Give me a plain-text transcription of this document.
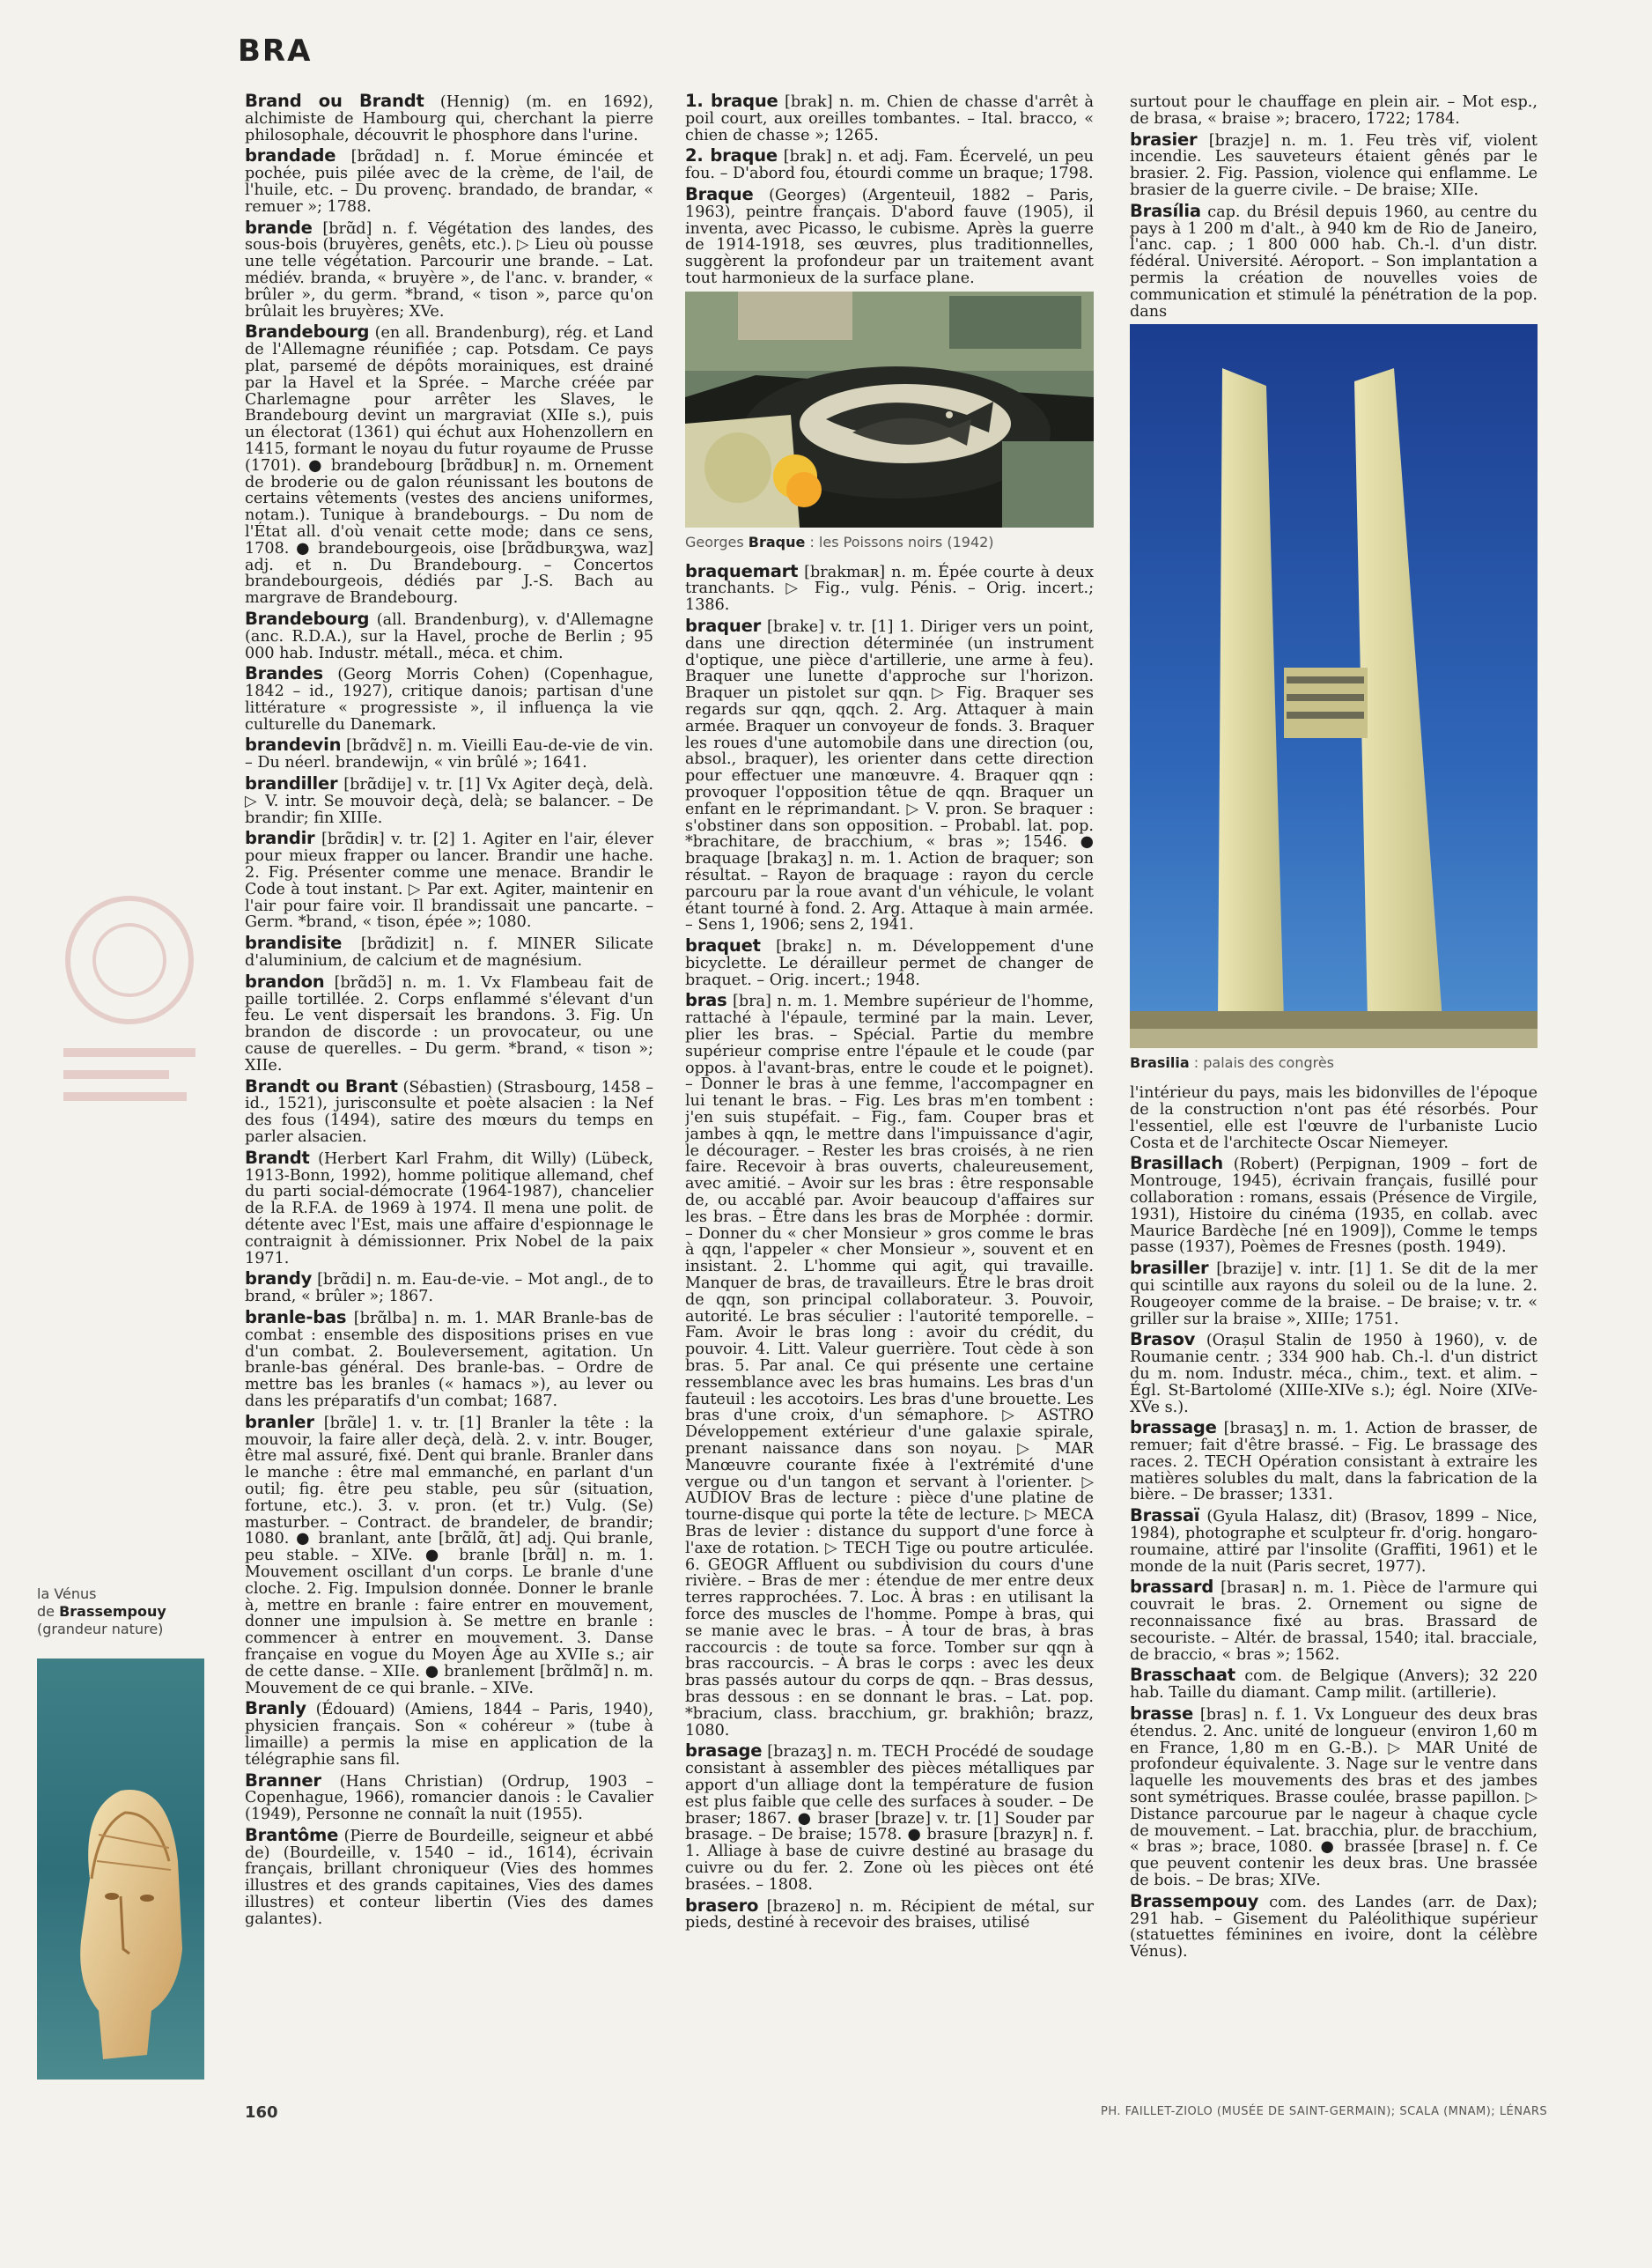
BRA
Brand ou Brandt (Hennig) (m. en 1692), alchimiste de Hambourg qui, cherchant la pierre philosophale, découvrit le phosphore dans l'urine.
brandade [brɑ̃dad] n. f. Morue émincée et pochée, puis pilée avec de la crème, de l'ail, de l'huile, etc. – Du provenç. brandado, de brandar, « remuer »; 1788.
brande [brɑ̃d] n. f. Végétation des landes, des sous-bois (bruyères, genêts, etc.). ▷ Lieu où pousse une telle végétation. Parcourir une brande. – Lat. médiév. branda, « bruyère », de l'anc. v. brander, « brûler », du germ. *brand, « tison », parce qu'on brûlait les bruyères; XVe.
Brandebourg (en all. Brandenburg), rég. et Land de l'Allemagne réunifiée ; cap. Potsdam. Ce pays plat, parsemé de dépôts morainiques, est drainé par la Havel et la Sprée. – Marche créée par Charlemagne pour arrêter les Slaves, le Brandebourg devint un margraviat (XIIe s.), puis un électorat (1361) qui échut aux Hohenzollern en 1415, formant le noyau du futur royaume de Prusse (1701). ● brandebourg [brɑ̃dbuʀ] n. m. Ornement de broderie ou de galon réunissant les boutons de certains vêtements (vestes des anciens uniformes, notam.). Tunique à brandebourgs. – Du nom de l'État all. d'où venait cette mode; dans ce sens, 1708. ● brandebourgeois, oise [brɑ̃dbuʀʒwa, waz] adj. et n. Du Brandebourg. – Concertos brandebourgeois, dédiés par J.-S. Bach au margrave de Brandebourg.
Brandebourg (all. Brandenburg), v. d'Allemagne (anc. R.D.A.), sur la Havel, proche de Berlin ; 95 000 hab. Industr. métall., méca. et chim.
Brandes (Georg Morris Cohen) (Copenhague, 1842 – id., 1927), critique danois; partisan d'une littérature « progressiste », il influença la vie culturelle du Danemark.
brandevin [brɑ̃dvɛ̃] n. m. Vieilli Eau-de-vie de vin. – Du néerl. brandewijn, « vin brûlé »; 1641.
brandiller [brɑ̃dije] v. tr. [1] Vx Agiter deçà, delà. ▷ V. intr. Se mouvoir deçà, delà; se balancer. – De brandir; fin XIIIe.
brandir [brɑ̃diʀ] v. tr. [2] 1. Agiter en l'air, élever pour mieux frapper ou lancer. Brandir une hache. 2. Fig. Présenter comme une menace. Brandir le Code à tout instant. ▷ Par ext. Agiter, maintenir en l'air pour faire voir. Il brandissait une pancarte. – Germ. *brand, « tison, épée »; 1080.
brandisite [brɑ̃dizit] n. f. MINER Silicate d'aluminium, de calcium et de magnésium.
brandon [brɑ̃dɔ̃] n. m. 1. Vx Flambeau fait de paille tortillée. 2. Corps enflammé s'élevant d'un feu. Le vent dispersait les brandons. 3. Fig. Un brandon de discorde : un provocateur, ou une cause de querelles. – Du germ. *brand, « tison »; XIIe.
Brandt ou Brant (Sébastien) (Strasbourg, 1458 – id., 1521), jurisconsulte et poète alsacien : la Nef des fous (1494), satire des mœurs du temps en parler alsacien.
Brandt (Herbert Karl Frahm, dit Willy) (Lübeck, 1913-Bonn, 1992), homme politique allemand, chef du parti social-démocrate (1964-1987), chancelier de la R.F.A. de 1969 à 1974. Il mena une polit. de détente avec l'Est, mais une affaire d'espionnage le contraignit à démissionner. Prix Nobel de la paix 1971.
brandy [brɑ̃di] n. m. Eau-de-vie. – Mot angl., de to brand, « brûler »; 1867.
branle-bas [brɑ̃lba] n. m. 1. MAR Branle-bas de combat : ensemble des dispositions prises en vue d'un combat. 2. Bouleversement, agitation. Un branle-bas général. Des branle-bas. – Ordre de mettre bas les branles (« hamacs »), au lever ou dans les préparatifs d'un combat; 1687.
branler [brɑ̃le] 1. v. tr. [1] Branler la tête : la mouvoir, la faire aller deçà, delà. 2. v. intr. Bouger, être mal assuré, fixé. Dent qui branle. Branler dans le manche : être mal emmanché, en parlant d'un outil; fig. être peu stable, peu sûr (situation, fortune, etc.). 3. v. pron. (et tr.) Vulg. (Se) masturber. – Contract. de brandeler, de brandir; 1080. ● branlant, ante [brɑ̃lɑ̃, ɑ̃t] adj. Qui branle, peu stable. – XIVe. ● branle [brɑ̃l] n. m. 1. Mouvement oscillant d'un corps. Le branle d'une cloche. 2. Fig. Impulsion donnée. Donner le branle à, mettre en branle : faire entrer en mouvement, donner une impulsion à. Se mettre en branle : commencer à entrer en mouvement. 3. Danse française en vogue du Moyen Âge au XVIIe s.; air de cette danse. – XIIe. ● branlement [brɑ̃lmɑ̃] n. m. Mouvement de ce qui branle. – XIVe.
Branly (Édouard) (Amiens, 1844 – Paris, 1940), physicien français. Son « cohéreur » (tube à limaille) a permis la mise en application de la télégraphie sans fil.
Branner (Hans Christian) (Ordrup, 1903 – Copenhague, 1966), romancier danois : le Cavalier (1949), Personne ne connaît la nuit (1955).
Brantôme (Pierre de Bourdeille, seigneur et abbé de) (Bourdeille, v. 1540 – id., 1614), écrivain français, brillant chroniqueur (Vies des hommes illustres et des grands capitaines, Vies des dames illustres) et conteur libertin (Vies des dames galantes).
1. braque [brak] n. m. Chien de chasse d'arrêt à poil court, aux oreilles tombantes. – Ital. bracco, « chien de chasse »; 1265.
2. braque [brak] n. et adj. Fam. Écervelé, un peu fou. – D'abord fou, étourdi comme un braque; 1798.
Braque (Georges) (Argenteuil, 1882 – Paris, 1963), peintre français. D'abord fauve (1905), il inventa, avec Picasso, le cubisme. Après la guerre de 1914-1918, ses œuvres, plus traditionnelles, suggèrent la profondeur par un traitement avant tout harmonieux de la surface plane.
Georges Braque : les Poissons noirs (1942)
braquemart [brakmaʀ] n. m. Épée courte à deux tranchants. ▷ Fig., vulg. Pénis. – Orig. incert.; 1386.
braquer [brake] v. tr. [1] 1. Diriger vers un point, dans une direction déterminée (un instrument d'optique, une pièce d'artillerie, une arme à feu). Braquer une lunette d'approche sur l'horizon. Braquer un pistolet sur qqn. ▷ Fig. Braquer ses regards sur qqn, qqch. 2. Arg. Attaquer à main armée. Braquer un convoyeur de fonds. 3. Braquer les roues d'une automobile dans une direction (ou, absol., braquer), les orienter dans cette direction pour effectuer une manœuvre. 4. Braquer qqn : provoquer l'opposition têtue de qqn. Braquer un enfant en le réprimandant. ▷ V. pron. Se braquer : s'obstiner dans son opposition. – Probabl. lat. pop. *brachitare, de bracchium, « bras »; 1546. ● braquage [brakaʒ] n. m. 1. Action de braquer; son résultat. – Rayon de braquage : rayon du cercle parcouru par la roue avant d'un véhicule, le volant étant tourné à fond. 2. Arg. Attaque à main armée. – Sens 1, 1906; sens 2, 1941.
braquet [brakɛ] n. m. Développement d'une bicyclette. Le dérailleur permet de changer de braquet. – Orig. incert.; 1948.
bras [bra] n. m. 1. Membre supérieur de l'homme, rattaché à l'épaule, terminé par la main. Lever, plier les bras. – Spécial. Partie du membre supérieur comprise entre l'épaule et le coude (par oppos. à l'avant-bras, entre le coude et le poignet). – Donner le bras à une femme, l'accompagner en lui tenant le bras. – Fig. Les bras m'en tombent : j'en suis stupéfait. – Fig., fam. Couper bras et jambes à qqn, le mettre dans l'impuissance d'agir, le décourager. – Rester les bras croisés, à ne rien faire. Recevoir à bras ouverts, chaleureusement, avec amitié. – Avoir sur les bras : être responsable de, ou accablé par. Avoir beaucoup d'affaires sur les bras. – Être dans les bras de Morphée : dormir. – Donner du « cher Monsieur » gros comme le bras à qqn, l'appeler « cher Monsieur », souvent et en insistant. 2. L'homme qui agit, qui travaille. Manquer de bras, de travailleurs. Être le bras droit de qqn, son principal collaborateur. 3. Pouvoir, autorité. Le bras séculier : l'autorité temporelle. – Fam. Avoir le bras long : avoir du crédit, du pouvoir. 4. Litt. Valeur guerrière. Tout cède à son bras. 5. Par anal. Ce qui présente une certaine ressemblance avec les bras humains. Les bras d'un fauteuil : les accotoirs. Les bras d'une brouette. Les bras d'une croix, d'un sémaphore. ▷ ASTRO Développement extérieur d'une galaxie spirale, prenant naissance dans son noyau. ▷ MAR Manœuvre courante fixée à l'extrémité d'une vergue ou d'un tangon et servant à l'orienter. ▷ AUDIOV Bras de lecture : pièce d'une platine de tourne-disque qui porte la tête de lecture. ▷ MECA Bras de levier : distance du support d'une force à l'axe de rotation. ▷ TECH Tige ou poutre articulée. 6. GEOGR Affluent ou subdivision du cours d'une rivière. – Bras de mer : étendue de mer entre deux terres rapprochées. 7. Loc. À bras : en utilisant la force des muscles de l'homme. Pompe à bras, qui se manie avec le bras. – À tour de bras, à bras raccourcis : de toute sa force. Tomber sur qqn à bras raccourcis. – À bras le corps : avec les deux bras passés autour du corps de qqn. – Bras dessus, bras dessous : en se donnant le bras. – Lat. pop. *bracium, class. bracchium, gr. brakhiôn; brazz, 1080.
brasage [brazaʒ] n. m. TECH Procédé de soudage consistant à assembler des pièces métalliques par apport d'un alliage dont la température de fusion est plus faible que celle des surfaces à souder. – De braser; 1867. ● braser [braze] v. tr. [1] Souder par brasage. – De braise; 1578. ● brasure [brazyʀ] n. f. 1. Alliage à base de cuivre destiné au brasage du cuivre ou du fer. 2. Zone où les pièces ont été brasées. – 1808.
brasero [brazeʀo] n. m. Récipient de métal, sur pieds, destiné à recevoir des braises, utilisé
surtout pour le chauffage en plein air. – Mot esp., de brasa, « braise »; bracero, 1722; 1784.
brasier [brazje] n. m. 1. Feu très vif, violent incendie. Les sauveteurs étaient gênés par le brasier. 2. Fig. Passion, violence qui enflamme. Le brasier de la guerre civile. – De braise; XIIe.
Brasília cap. du Brésil depuis 1960, au centre du pays à 1 200 m d'alt., à 940 km de Rio de Janeiro, l'anc. cap. ; 1 800 000 hab. Ch.-l. d'un distr. fédéral. Université. Aéroport. – Son implantation a permis la création de nouvelles voies de communication et stimulé la pénétration de la pop. dans
Brasilia : palais des congrès
l'intérieur du pays, mais les bidonvilles de l'époque de la construction n'ont pas été résorbés. Pour l'essentiel, elle est l'œuvre de l'urbaniste Lucio Costa et de l'architecte Oscar Niemeyer.
Brasillach (Robert) (Perpignan, 1909 – fort de Montrouge, 1945), écrivain français, fusillé pour collaboration : romans, essais (Présence de Virgile, 1931), Histoire du cinéma (1935, en collab. avec Maurice Bardèche [né en 1909]), Comme le temps passe (1937), Poèmes de Fresnes (posth. 1949).
brasiller [brazije] v. intr. [1] 1. Se dit de la mer qui scintille aux rayons du soleil ou de la lune. 2. Rougeoyer comme de la braise. – De braise; v. tr. « griller sur la braise », XIIIe; 1751.
Brasov (Orașul Stalin de 1950 à 1960), v. de Roumanie centr. ; 334 900 hab. Ch.-l. d'un district du m. nom. Industr. méca., chim., text. et alim. – Égl. St-Bartolomé (XIIIe-XIVe s.); égl. Noire (XIVe-XVe s.).
brassage [brasaʒ] n. m. 1. Action de brasser, de remuer; fait d'être brassé. – Fig. Le brassage des races. 2. TECH Opération consistant à extraire les matières solubles du malt, dans la fabrication de la bière. – De brasser; 1331.
Brassaï (Gyula Halasz, dit) (Brasov, 1899 – Nice, 1984), photographe et sculpteur fr. d'orig. hongaro-roumaine, attiré par l'insolite (Graffiti, 1961) et le monde de la nuit (Paris secret, 1977).
brassard [brasaʀ] n. m. 1. Pièce de l'armure qui couvrait le bras. 2. Ornement ou signe de reconnaissance fixé au bras. Brassard de secouriste. – Altér. de brassal, 1540; ital. bracciale, de braccio, « bras »; 1562.
Brasschaat com. de Belgique (Anvers); 32 220 hab. Taille du diamant. Camp milit. (artillerie).
brasse [bras] n. f. 1. Vx Longueur des deux bras étendus. 2. Anc. unité de longueur (environ 1,60 m en France, 1,80 m en G.-B.). ▷ MAR Unité de profondeur équivalente. 3. Nage sur le ventre dans laquelle les mouvements des bras et des jambes sont symétriques. Brasse coulée, brasse papillon. ▷ Distance parcourue par le nageur à chaque cycle de mouvement. – Lat. bracchia, plur. de bracchium, « bras »; brace, 1080. ● brassée [brase] n. f. Ce que peuvent contenir les deux bras. Une brassée de bois. – De bras; XIVe.
Brassempouy com. des Landes (arr. de Dax); 291 hab. – Gisement du Paléolithique supérieur (statuettes féminines en ivoire, dont la célèbre Vénus).
la Vénus
de Brassempouy
(grandeur nature)
160	PH. FAILLET-ZIOLO (MUSÉE DE SAINT-GERMAIN); SCALA (MNAM); LÉNARS
